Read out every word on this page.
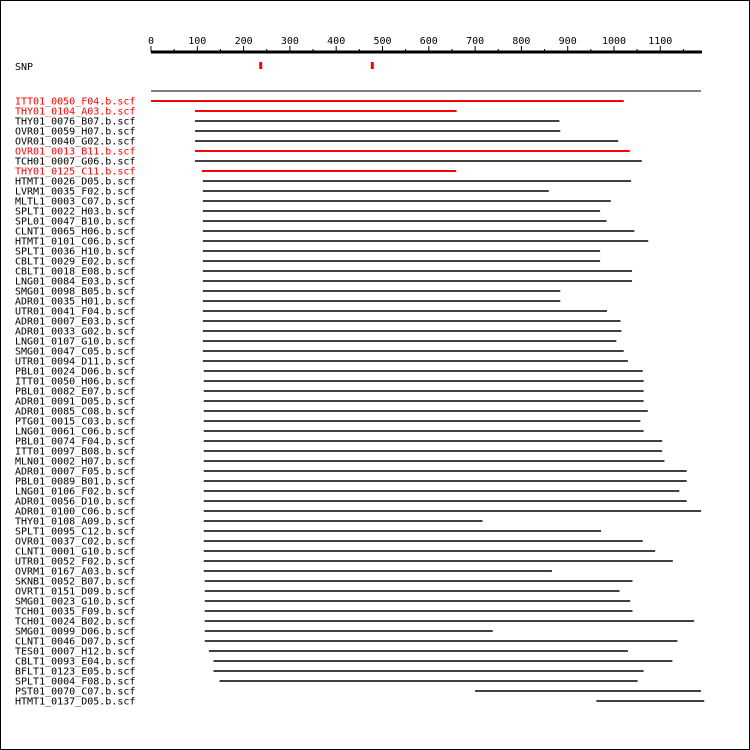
0	100	200	300	400	500	600	700	800	900	1000 1100
SNP
ITT01_0050_F04.b.scf
THY01_0104_A03.b.scf
THY01_0076_B07.b.scf
OVR01_0059_H07.b.scf
OVR01_0040_G02.b.scf
OVR01_0013_B11.b.scf
TCH01_0007_G06.b.scf
THY01_0125_C11.b.scf
HTMT1_0026_D05.b.scf
LVRM1_0035_F02.b.scf
MLTL1_0003_C07.b.scf
SPLT1_0022_H03.b.scf
SPL01_0047_B10.b.scf
CLNT1_0065_H06.b.scf
HTMT1_0101_C06.b.scf
SPLT1_0036_H10.b.scf
CBLT1_0029_E02.b.scf
CBLT1_0018_E08.b.scf
LNG01_0084_E03.b.scf
SMG01_0098_B05.b.scf
ADR01_0035_H01.b.scf
UTR01_0041_F04.b.scf
ADR01_0007_E03.b.scf
ADR01_0033_G02.b.scf
LNG01_0107_G10.b.scf
SMG01_0047_C05.b.scf
UTR01_0094_D11.b.scf
PBL01_0024_D06.b.scf
ITT01_0050_H06.b.scf
PBL01_0082_E07.b.scf
ADR01_0091_D05.b.scf
ADR01_0085_C08.b.scf
PTG01_0015_C03.b.scf
LNG01_0061_C06.b.scf
PBL01_0074_F04.b.scf
ITT01_0097_B08.b.scf
MLN01_0002_H07.b.scf
ADR01_0007_F05.b.scf
PBL01_0089_B01.b.scf
LNG01_0106_F02.b.scf
ADR01_0056_D10.b.scf
ADR01_0100_C06.b.scf
THY01_0108_A09.b.scf
SPLT1_0095_C12.b.scf
OVR01_0037_C02.b.scf
CLNT1_0001_G10.b.scf
UTR01_0052_F02.b.scf
OVRM1_0167_A03.b.scf
SKNB1_0052_B07.b.scf
OVRT1_0151_D09.b.scf
SMG01_0023_G10.b.scf
TCH01_0035_F09.b.scf
TCH01_0024_B02.b.scf
SMG01_0099_D06.b.scf
CLNT1_0046_D07.b.scf
TES01_0007_H12.b.scf
CBLT1_0093_E04.b.scf
BFLT1_0123_E05.b.scf
SPLT1_0004_F08.b.scf
PST01_0070_C07.b.scf
HTMT1_0137_D05.b.scf
